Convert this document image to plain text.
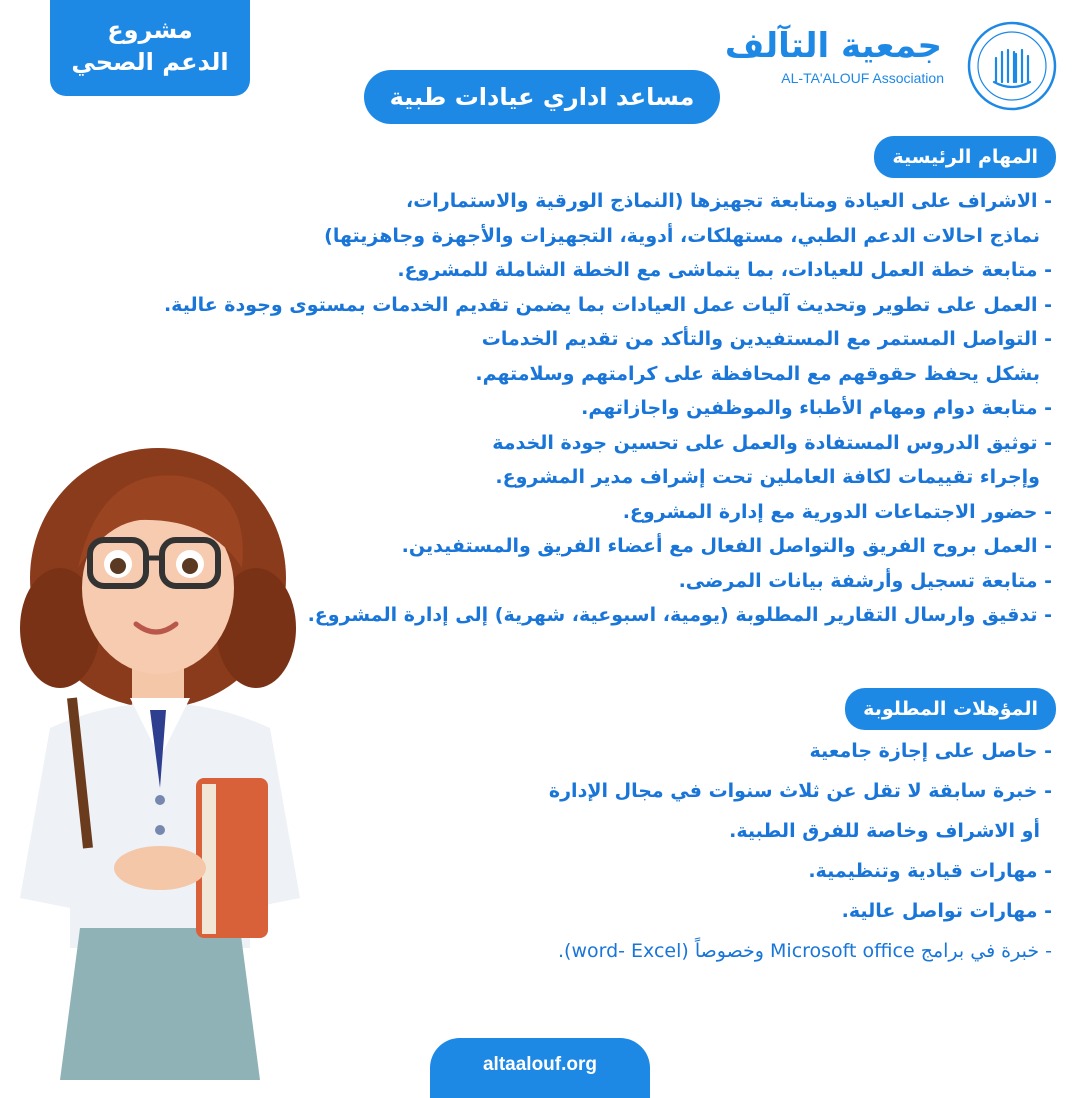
مشروع
الدعم الصحي	جمعية التآلف
AL-TA'ALOUF Association
مساعد اداري عيادات طبية
المهام الرئيسية
- الاشراف على العيادة ومتابعة تجهيزها (النماذج الورقية والاستمارات،
نماذج احالات الدعم الطبي، مستهلكات، أدوية، التجهيزات والأجهزة وجاهزيتها)
- متابعة خطة العمل للعيادات، بما يتماشى مع الخطة الشاملة للمشروع.
- العمل على تطوير وتحديث آليات عمل العيادات بما يضمن تقديم الخدمات بمستوى وجودة عالية.
- التواصل المستمر مع المستفيدين والتأكد من تقديم الخدمات
بشكل يحفظ حقوقهم مع المحافظة على كرامتهم وسلامتهم.
- متابعة دوام ومهام الأطباء والموظفين واجازاتهم.
- توثيق الدروس المستفادة والعمل على تحسين جودة الخدمة
وإجراء تقييمات لكافة العاملين تحت إشراف مدير المشروع.
- حضور الاجتماعات الدورية مع إدارة المشروع.
- العمل بروح الفريق والتواصل الفعال مع أعضاء الفريق والمستفيدين.
- متابعة تسجيل وأرشفة بيانات المرضى.
- تدقيق وارسال التقارير المطلوبة (يومية، اسبوعية، شهرية) إلى إدارة المشروع.
المؤهلات المطلوبة
- حاصل على إجازة جامعية
- خبرة سابقة لا تقل عن ثلاث سنوات في مجال الإدارة
أو الاشراف وخاصة للفرق الطبية.
- مهارات قيادية وتنظيمية.
- مهارات تواصل عالية.
- خبرة في برامج Microsoft office وخصوصاً (word- Excel).
altaalouf.org
